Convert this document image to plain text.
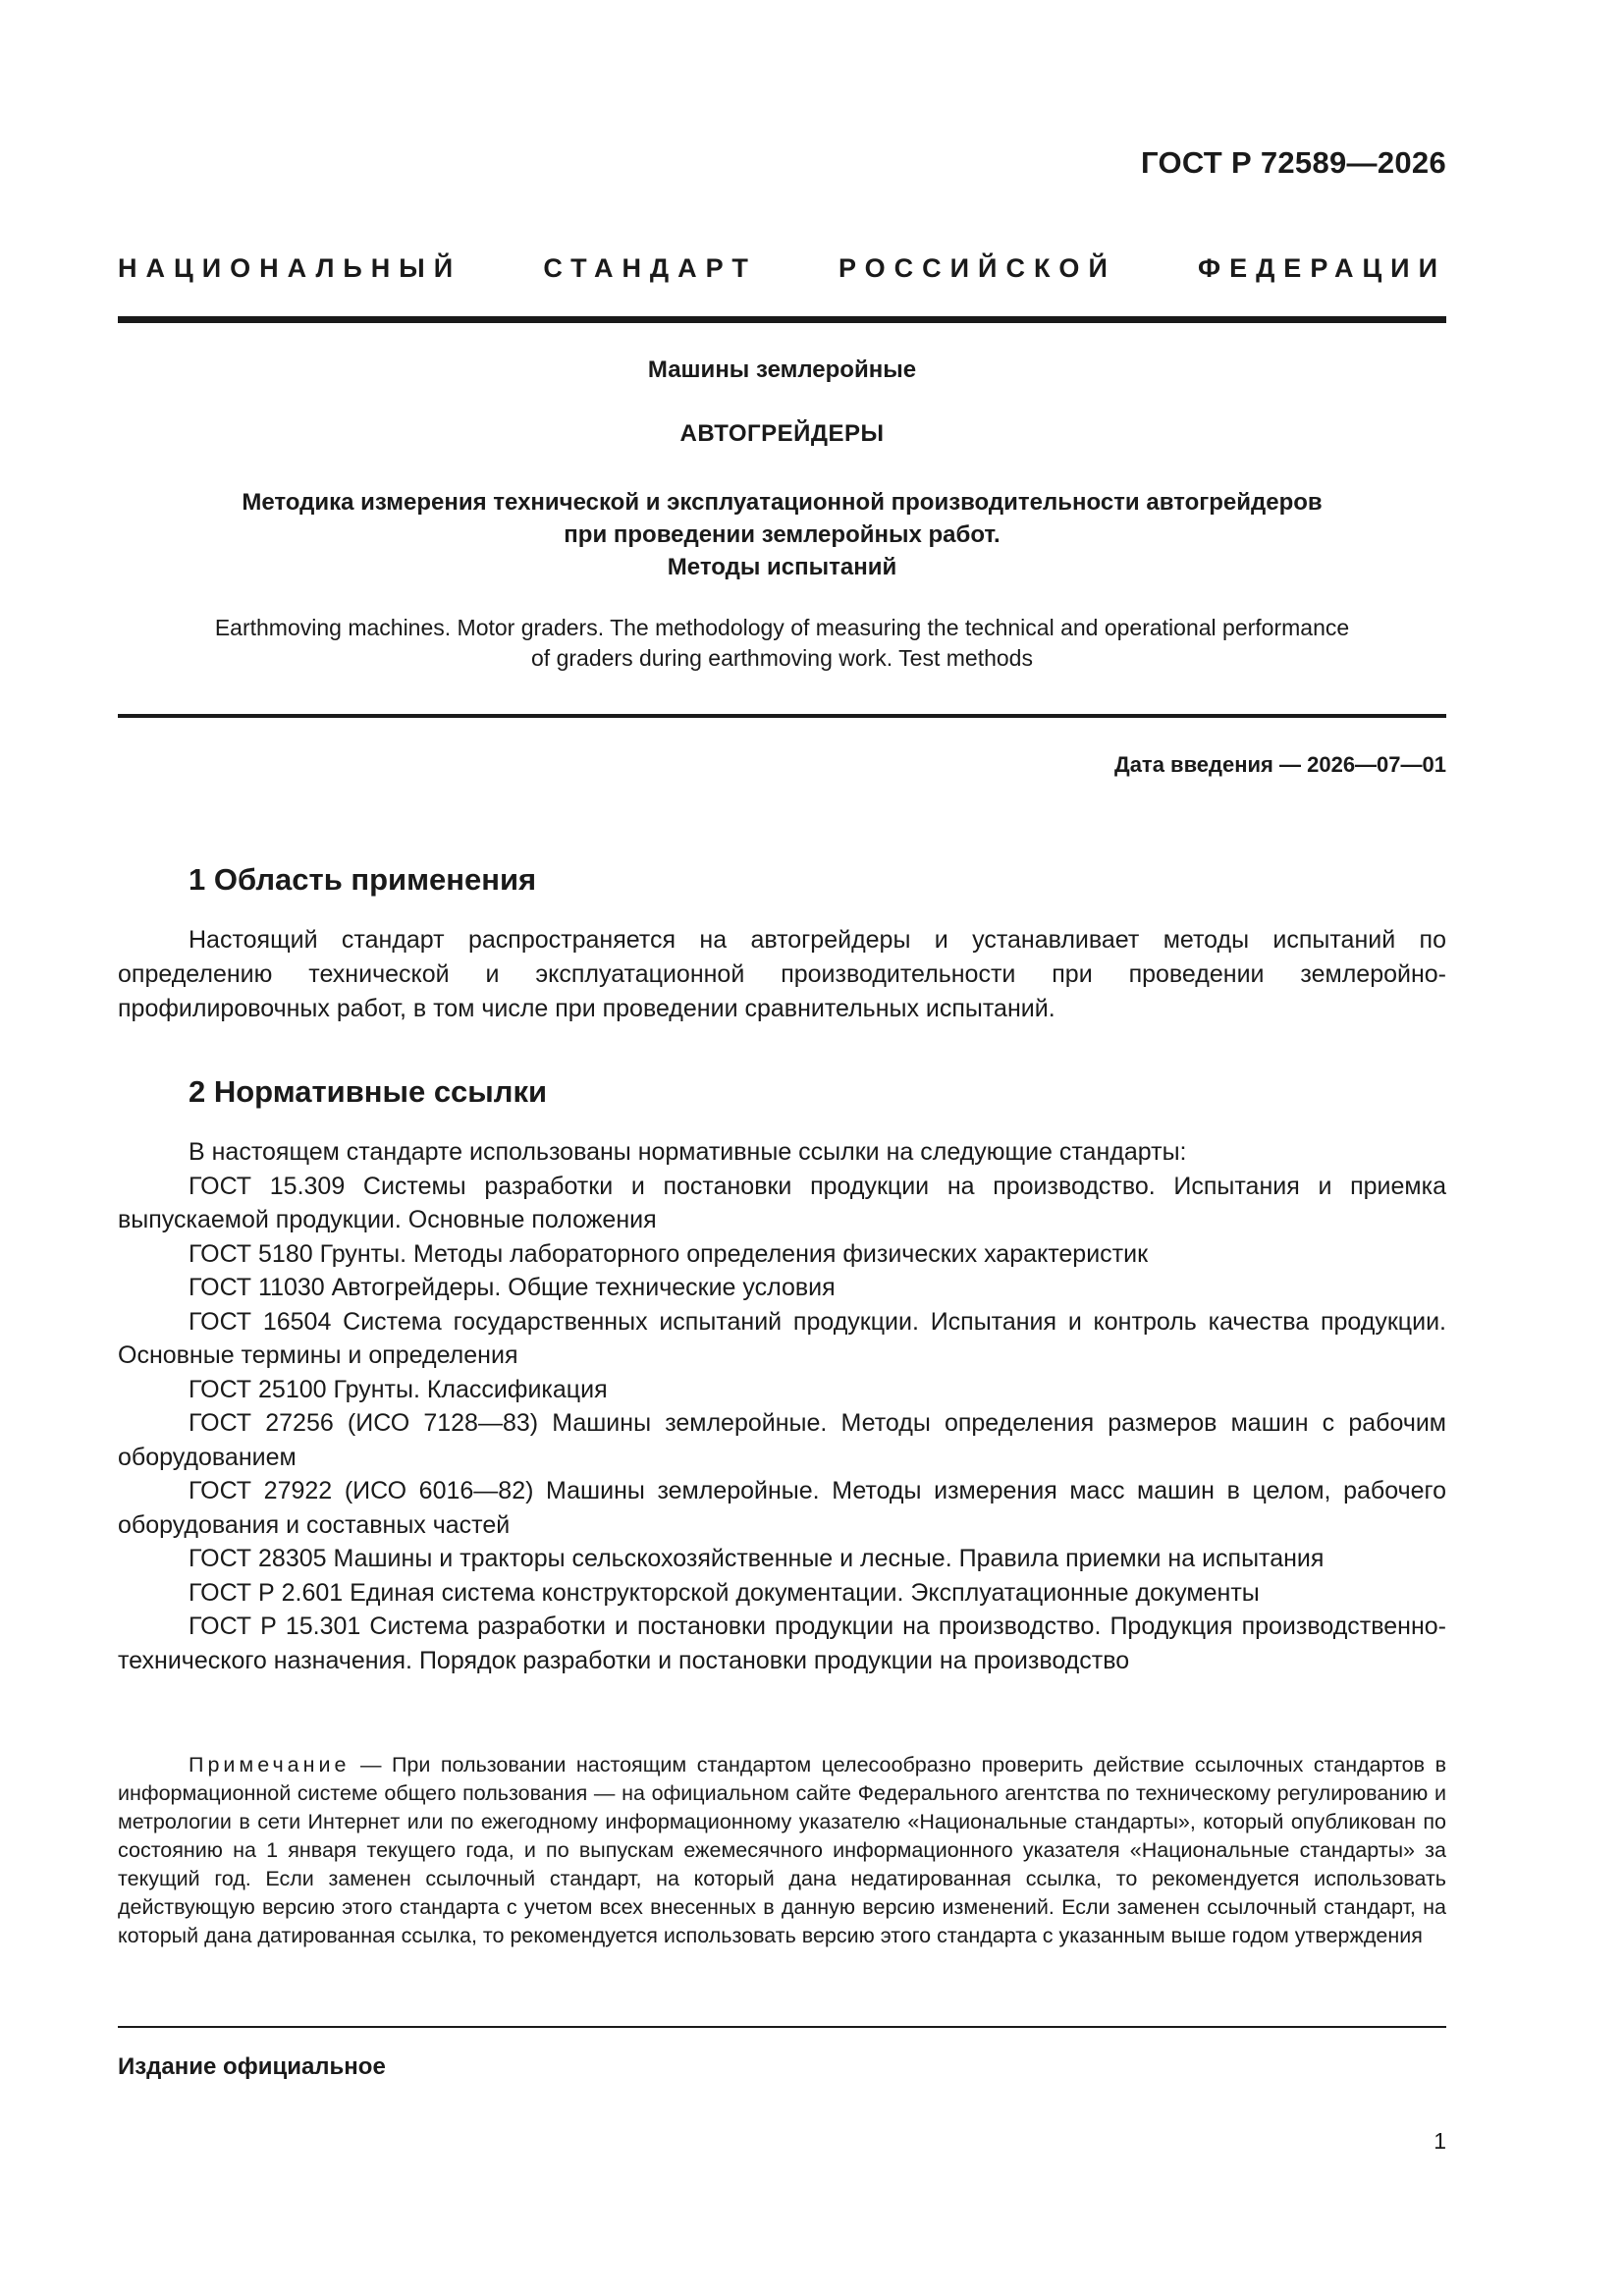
ГОСТ Р 72589—2026
НАЦИОНАЛЬНЫЙ СТАНДАРТ РОССИЙСКОЙ ФЕДЕРАЦИИ
Машины землеройные
АВТОГРЕЙДЕРЫ
Методика измерения технической и эксплуатационной производительности автогрейдеров
при проведении землеройных работ.
Методы испытаний
Earthmoving machines. Motor graders. The methodology of measuring the technical and operational performance
of graders during earthmoving work. Test methods
Дата введения — 2026—07—01
1 Область применения
Настоящий стандарт распространяется на автогрейдеры и устанавливает методы испытаний по определению технической и эксплуатационной производительности при проведении землеройно-профилировочных работ, в том числе при проведении сравнительных испытаний.
2 Нормативные ссылки

В настоящем стандарте использованы нормативные ссылки на следующие стандарты:

ГОСТ 15.309 Системы разработки и постановки продукции на производство. Испытания и приемка выпускаемой продукции. Основные положения

ГОСТ 5180 Грунты. Методы лабораторного определения физических характеристик

ГОСТ 11030 Автогрейдеры. Общие технические условия

ГОСТ 16504 Система государственных испытаний продукции. Испытания и контроль качества продукции. Основные термины и определения

ГОСТ 25100 Грунты. Классификация

ГОСТ 27256 (ИСО 7128—83) Машины землеройные. Методы определения размеров машин с рабочим оборудованием

ГОСТ 27922 (ИСО 6016—82) Машины землеройные. Методы измерения масс машин в целом, рабочего оборудования и составных частей

ГОСТ 28305 Машины и тракторы сельскохозяйственные и лесные. Правила приемки на испытания

ГОСТ Р 2.601 Единая система конструкторской документации. Эксплуатационные документы

ГОСТ Р 15.301 Система разработки и постановки продукции на производство. Продукция производственно-технического назначения. Порядок разработки и постановки продукции на производство

Примечание — При пользовании настоящим стандартом целесообразно проверить действие ссылочных стандартов в информационной системе общего пользования — на официальном сайте Федерального агентства по техническому регулированию и метрологии в сети Интернет или по ежегодному информационному указателю «Национальные стандарты», который опубликован по состоянию на 1 января текущего года, и по выпускам ежемесячного информационного указателя «Национальные стандарты» за текущий год. Если заменен ссылочный стандарт, на который дана недатированная ссылка, то рекомендуется использовать действующую версию этого стандарта с учетом всех внесенных в данную версию изменений. Если заменен ссылочный стандарт, на который дана датированная ссылка, то рекомендуется использовать версию этого стандарта с указанным выше годом утверждения
Издание официальное
1
